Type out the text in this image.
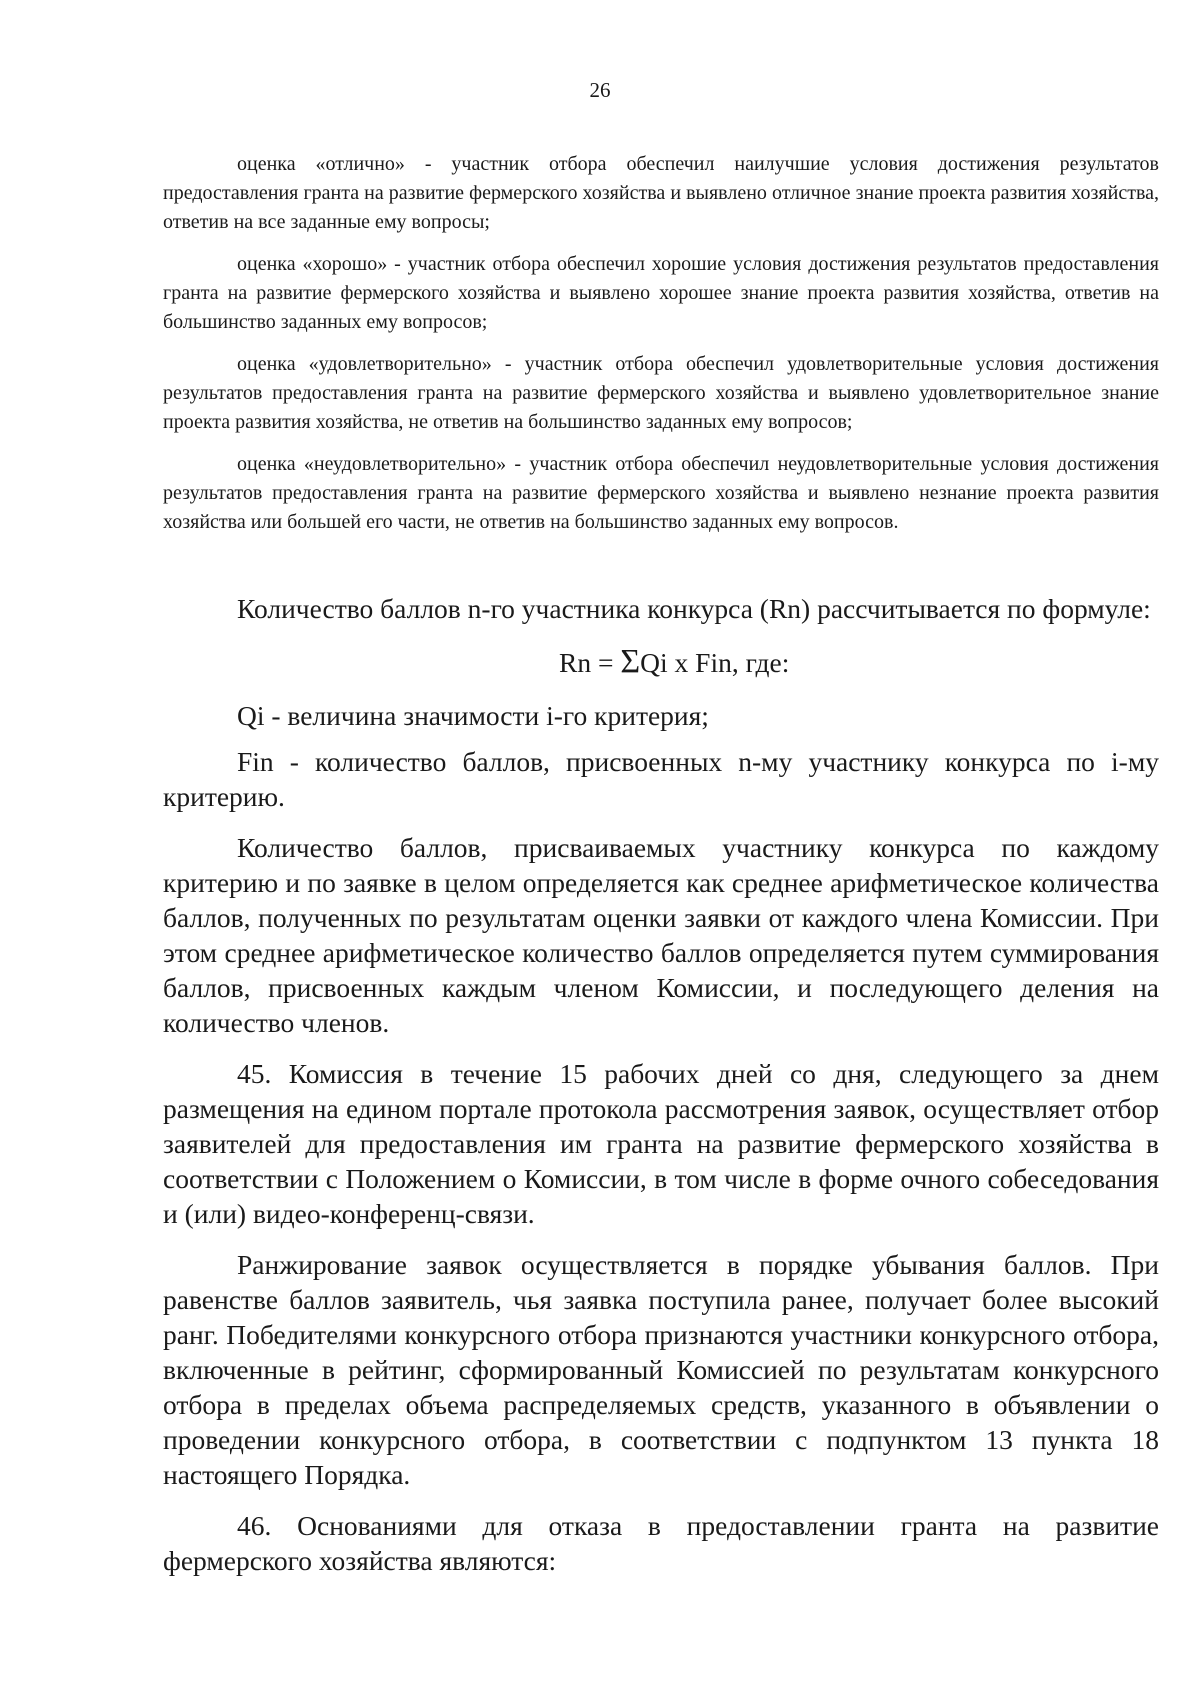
26

оценка «отлично» - участник отбора обеспечил наилучшие условия достижения результатов предоставления гранта на развитие фермерского хозяйства и выявлено отличное знание проекта развития хозяйства, ответив на все заданные ему вопросы;

оценка «хорошо» - участник отбора обеспечил хорошие условия достижения результатов предоставления гранта на развитие фермерского хозяйства и выявлено хорошее знание проекта развития хозяйства, ответив на большинство заданных ему вопросов;

оценка «удовлетворительно» - участник отбора обеспечил удовлетворительные условия достижения результатов предоставления гранта на развитие фермерского хозяйства и выявлено удовлетворительное знание проекта развития хозяйства, не ответив на большинство заданных ему вопросов;

оценка «неудовлетворительно» - участник отбора обеспечил неудовлетворительные условия достижения результатов предоставления гранта на развитие фермерского хозяйства и выявлено незнание проекта развития хозяйства или большей его части, не ответив на большинство заданных ему вопросов.

Количество баллов n-го участника конкурса (Rn) рассчитывается по формуле:

Rn = ΣQi x Fin, где:

Qi - величина значимости i-го критерия;

Fin - количество баллов, присвоенных n-му участнику конкурса по i-му критерию.

Количество баллов, присваиваемых участнику конкурса по каждому критерию и по заявке в целом определяется как среднее арифметическое количества баллов, полученных по результатам оценки заявки от каждого члена Комиссии. При этом среднее арифметическое количество баллов определяется путем суммирования баллов, присвоенных каждым членом Комиссии, и последующего деления на количество членов.

45. Комиссия в течение 15 рабочих дней со дня, следующего за днем размещения на едином портале протокола рассмотрения заявок, осуществляет отбор заявителей для предоставления им гранта на развитие фермерского хозяйства в соответствии с Положением о Комиссии, в том числе в форме очного собеседования и (или) видео-конференц-связи.

Ранжирование заявок осуществляется в порядке убывания баллов. При равенстве баллов заявитель, чья заявка поступила ранее, получает более высокий ранг. Победителями конкурсного отбора признаются участники конкурсного отбора, включенные в рейтинг, сформированный Комиссией по результатам конкурсного отбора в пределах объема распределяемых средств, указанного в объявлении о проведении конкурсного отбора, в соответствии с подпунктом 13 пункта 18 настоящего Порядка.

46. Основаниями для отказа в предоставлении гранта на развитие фермерского хозяйства являются:
